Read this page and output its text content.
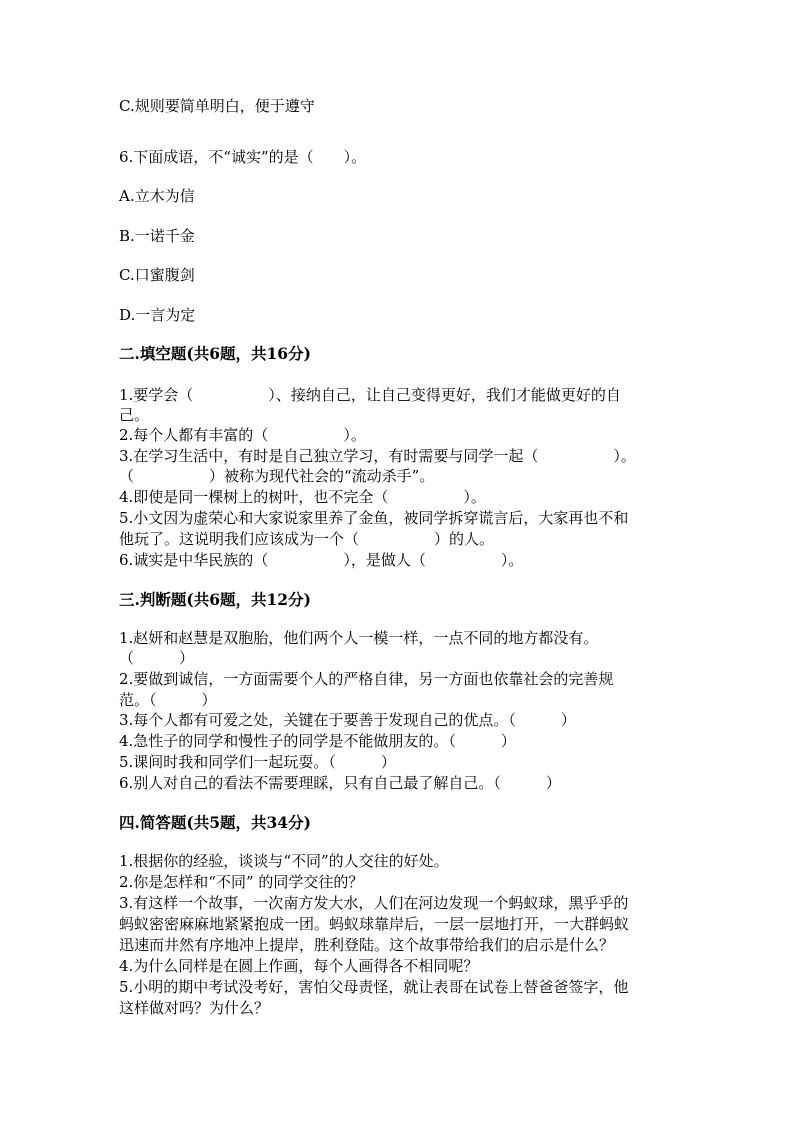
C.规则要简单明白，便于遵守
6.下面成语，不“诚实”的是（　　）。
A.立木为信
B.一诺千金
C.口蜜腹剑
D.一言为定
二.填空题(共6题，共16分)
1.要学会（　　　　　）、接纳自己，让自己变得更好，我们才能做更好的自
己。
2.每个人都有丰富的（　　　　　）。
3.在学习生活中，有时是自己独立学习，有时需要与同学一起（　　　　　）。
（　　　　　）被称为现代社会的“流动杀手”。
4.即使是同一棵树上的树叶，也不完全（　　　　　）。
5.小文因为虚荣心和大家说家里养了金鱼，被同学拆穿谎言后，大家再也不和
他玩了。这说明我们应该成为一个（　　　　　）的人。
6.诚实是中华民族的（　　　　　），是做人（　　　　　）。
三.判断题(共6题，共12分)
1.赵妍和赵慧是双胞胎，他们两个人一模一样，一点不同的地方都没有。
（　　　）
2.要做到诚信，一方面需要个人的严格自律，另一方面也依靠社会的完善规
范。（　　　）
3.每个人都有可爱之处，关键在于要善于发现自己的优点。（　　　）
4.急性子的同学和慢性子的同学是不能做朋友的。（　　　）
5.课间时我和同学们一起玩耍。（　　　）
6.别人对自己的看法不需要理睬，只有自己最了解自己。（　　　）
四.简答题(共5题，共34分)
1.根据你的经验，谈谈与“不同”的人交往的好处。
2.你是怎样和“不同” 的同学交往的？
3.有这样一个故事，一次南方发大水，人们在河边发现一个蚂蚁球，黑乎乎的
蚂蚁密密麻麻地紧紧抱成一团。蚂蚁球靠岸后，一层一层地打开，一大群蚂蚁
迅速而井然有序地冲上提岸，胜利登陆。这个故事带给我们的启示是什么？
4.为什么同样是在圆上作画，每个人画得各不相同呢？
5.小明的期中考试没考好，害怕父母责怪，就让表哥在试卷上替爸爸签字，他
这样做对吗？为什么？
